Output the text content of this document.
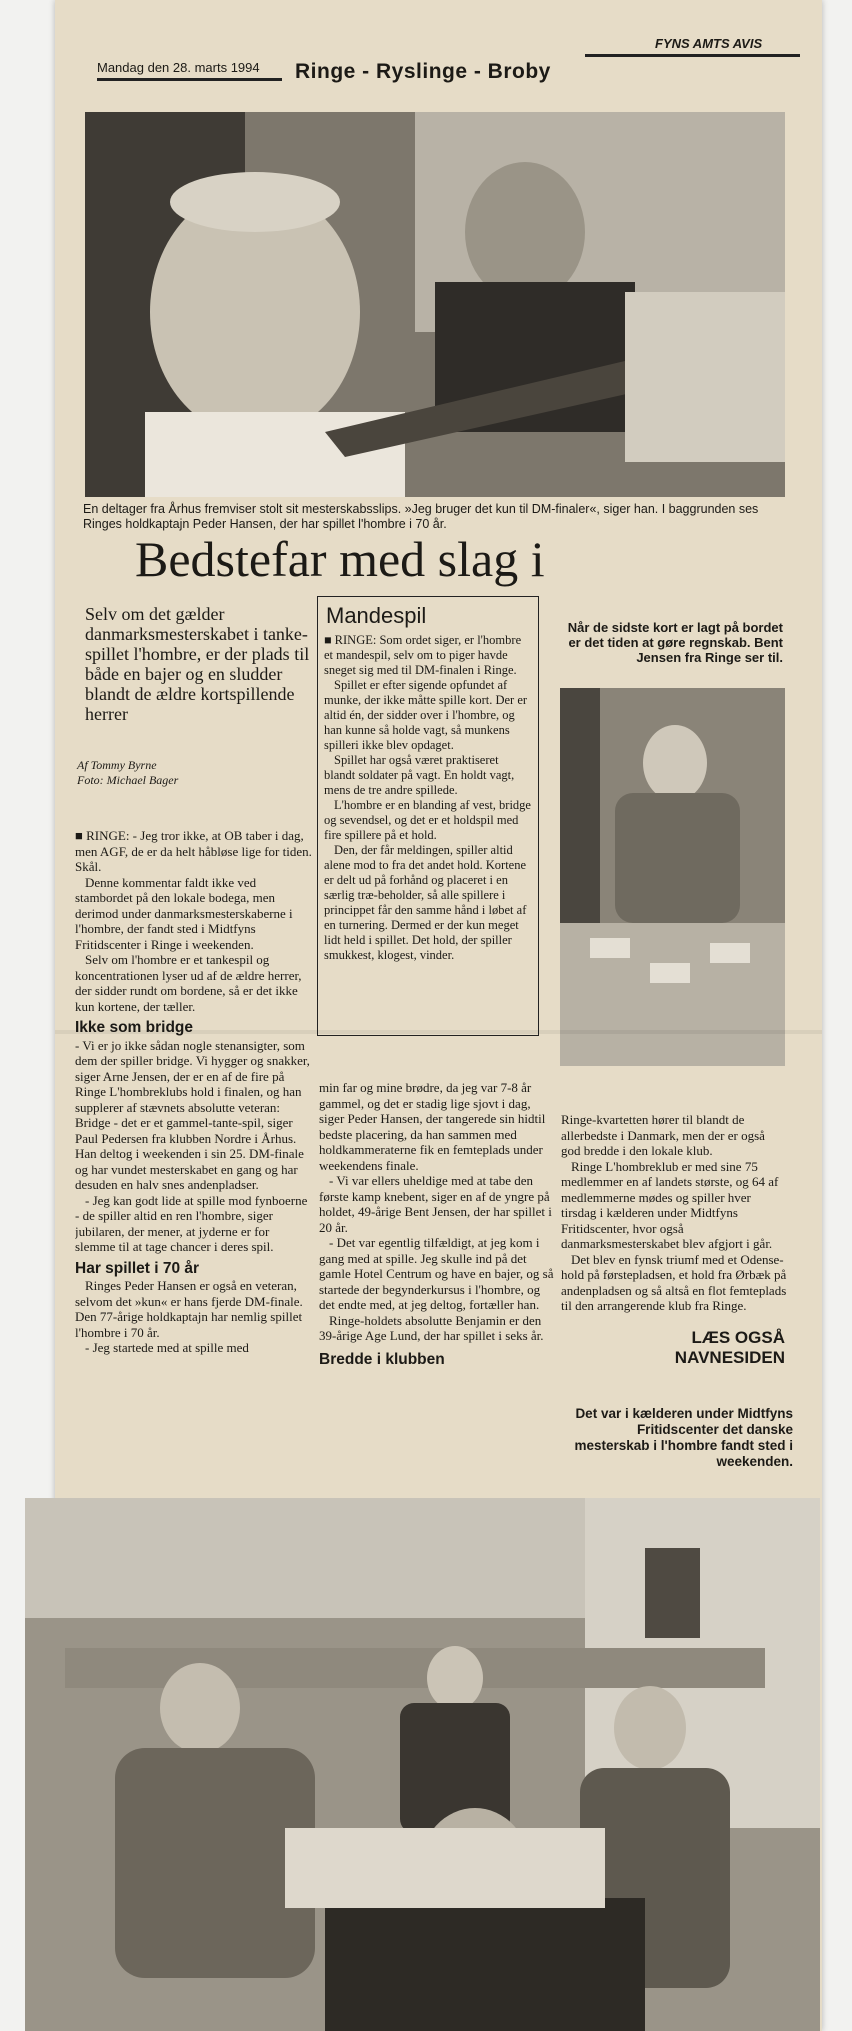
Mandag den 28. marts 1994 Ringe - Ryslinge - Broby
FYNS AMTS AVIS
En deltager fra Århus fremviser stolt sit mesterskabsslips. »Jeg bruger det kun til DM-finaler«, siger han. I baggrunden ses Ringes holdkaptajn Peder Hansen, der har spillet l'hombre i 70 år.
Bedstefar med slag i
Selv om det gælder danmarksmesterskabet i tanke-spillet l'hombre, er der plads til både en bajer og en sludder blandt de ældre kortspillende herrer
Af Tommy Byrne
Foto: Michael Bager

■ RINGE: - Jeg tror ikke, at OB taber i dag, men AGF, de er da helt håbløse lige for tiden. Skål.

Denne kommentar faldt ikke ved stambordet på den lokale bodega, men derimod under danmarksmesterskaberne i l'hombre, der fandt sted i Midtfyns Fritidscenter i Ringe i weekenden.

Selv om l'hombre er et tankespil og koncentrationen lyser ud af de ældre herrer, der sidder rundt om bordene, så er det ikke kun kortene, der tæller.

Ikke som bridge

- Vi er jo ikke sådan nogle stenansigter, som dem der spiller bridge. Vi hygger og snakker, siger Arne Jensen, der er en af de fire på Ringe L'hombreklubs hold i finalen, og han supplerer af stævnets absolutte veteran: Bridge - det er et gammel-tante-spil, siger Paul Pedersen fra klubben Nordre i Århus. Han deltog i weekenden i sin 25. DM-finale og har vundet mesterskabet en gang og har desuden en halv snes andenpladser.

- Jeg kan godt lide at spille mod fynboerne - de spiller altid en ren l'hombre, siger jubilaren, der mener, at jyderne er for slemme til at tage chancer i deres spil.

Har spillet i 70 år

Ringes Peder Hansen er også en veteran, selvom det »kun« er hans fjerde DM-finale. Den 77-årige holdkaptajn har nemlig spillet l'hombre i 70 år.

- Jeg startede med at spille med

Mandespil

■ RINGE: Som ordet siger, er l'hombre et mandespil, selv om to piger havde sneget sig med til DM-finalen i Ringe.

Spillet er efter sigende opfundet af munke, der ikke måtte spille kort. Der er altid én, der sidder over i l'hombre, og han kunne så holde vagt, så munkens spilleri ikke blev opdaget.

Spillet har også været praktiseret blandt soldater på vagt. En holdt vagt, mens de tre andre spillede.

L'hombre er en blanding af vest, bridge og sevendsel, og det er et holdspil med fire spillere på et hold.

Den, der får meldingen, spiller altid alene mod to fra det andet hold. Kortene er delt ud på forhånd og placeret i en særlig træ-beholder, så alle spillere i princippet får den samme hånd i løbet af en turnering. Dermed er der kun meget lidt held i spillet. Det hold, der spiller smukkest, klogest, vinder.

min far og mine brødre, da jeg var 7-8 år gammel, og det er stadig lige sjovt i dag, siger Peder Hansen, der tangerede sin hidtil bedste placering, da han sammen med holdkammeraterne fik en femteplads under weekendens finale.

- Vi var ellers uheldige med at tabe den første kamp knebent, siger en af de yngre på holdet, 49-årige Bent Jensen, der har spillet i 20 år.

- Det var egentlig tilfældigt, at jeg kom i gang med at spille. Jeg skulle ind på det gamle Hotel Centrum og have en bajer, og så startede der begynderkursus i l'hombre, og det endte med, at jeg deltog, fortæller han.

Ringe-holdets absolutte Benjamin er den 39-årige Age Lund, der har spillet i seks år.

Bredde i klubben
Når de sidste kort er lagt på bordet er det tiden at gøre regnskab. Bent Jensen fra Ringe ser til.

Ringe-kvartetten hører til blandt de allerbedste i Danmark, men der er også god bredde i den lokale klub.

Ringe L'hombreklub er med sine 75 medlemmer en af landets største, og 64 af medlemmerne mødes og spiller hver tirsdag i kælderen under Midtfyns Fritidscenter, hvor også danmarksmesterskabet blev afgjort i går.

Det blev en fynsk triumf med et Odense-hold på førstepladsen, et hold fra Ørbæk på andenpladsen og så altså en flot femteplads til den arrangerende klub fra Ringe.

LÆS OGSÅ
NAVNESIDEN
Det var i kælderen under Midtfyns Fritidscenter det danske mesterskab i l'hombre fandt sted i weekenden.
